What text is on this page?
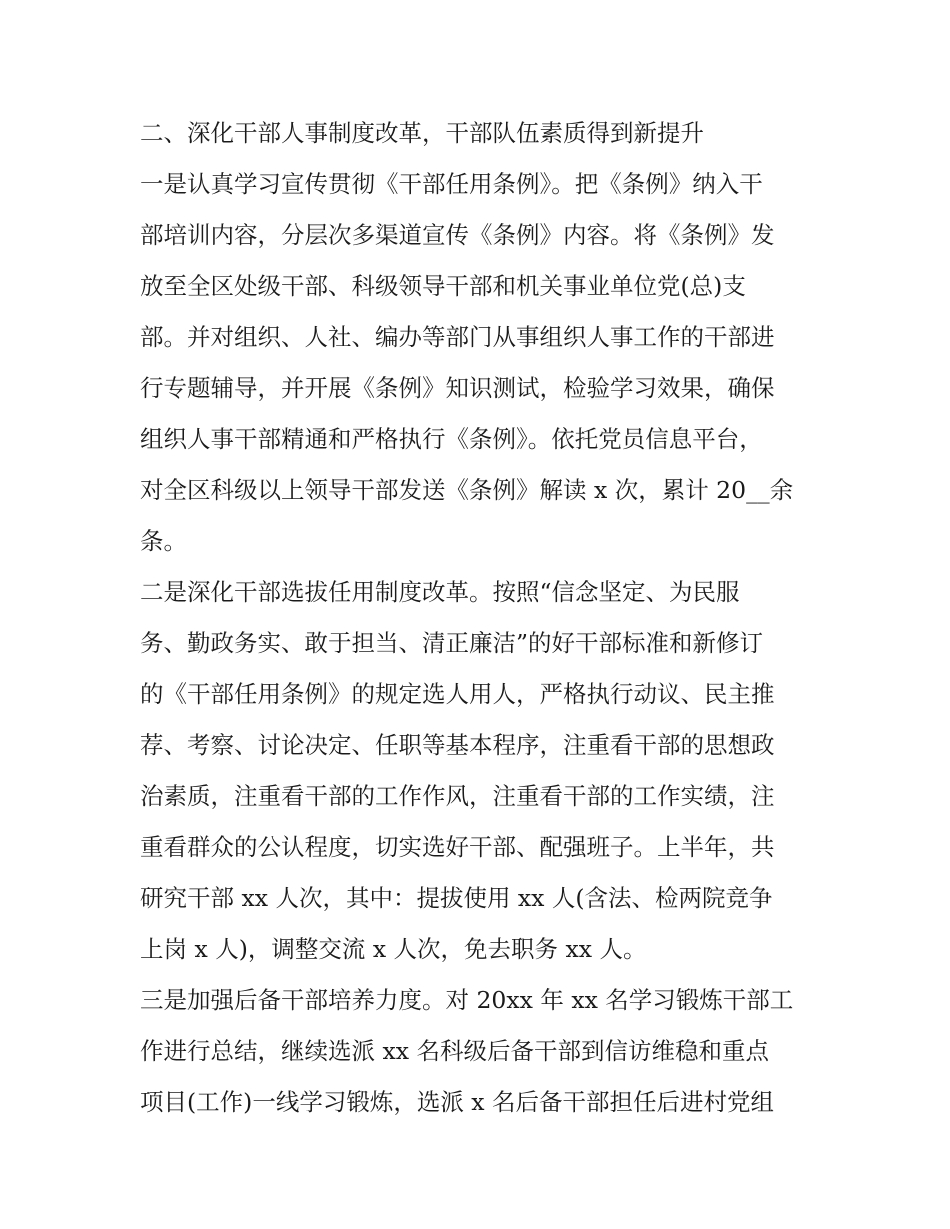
二、深化干部人事制度改革，干部队伍素质得到新提升
一是认真学习宣传贯彻《干部任用条例》。把《条例》纳入干
部培训内容，分层次多渠道宣传《条例》内容。将《条例》发
放至全区处级干部、科级领导干部和机关事业单位党(总)支
部。并对组织、人社、编办等部门从事组织人事工作的干部进
行专题辅导，并开展《条例》知识测试，检验学习效果，确保
组织人事干部精通和严格执行《条例》。依托党员信息平台，
对全区科级以上领导干部发送《条例》解读 x 次，累计 20__余
条。
二是深化干部选拔任用制度改革。按照“信念坚定、为民服
务、勤政务实、敢于担当、清正廉洁”的好干部标准和新修订
的《干部任用条例》的规定选人用人，严格执行动议、民主推
荐、考察、讨论决定、任职等基本程序，注重看干部的思想政
治素质，注重看干部的工作作风，注重看干部的工作实绩，注
重看群众的公认程度，切实选好干部、配强班子。上半年，共
研究干部 xx 人次，其中：提拔使用 xx 人(含法、检两院竞争
上岗 x 人)，调整交流 x 人次，免去职务 xx 人。
三是加强后备干部培养力度。对 20xx 年 xx 名学习锻炼干部工
作进行总结，继续选派 xx 名科级后备干部到信访维稳和重点
项目(工作)一线学习锻炼，选派 x 名后备干部担任后进村党组
